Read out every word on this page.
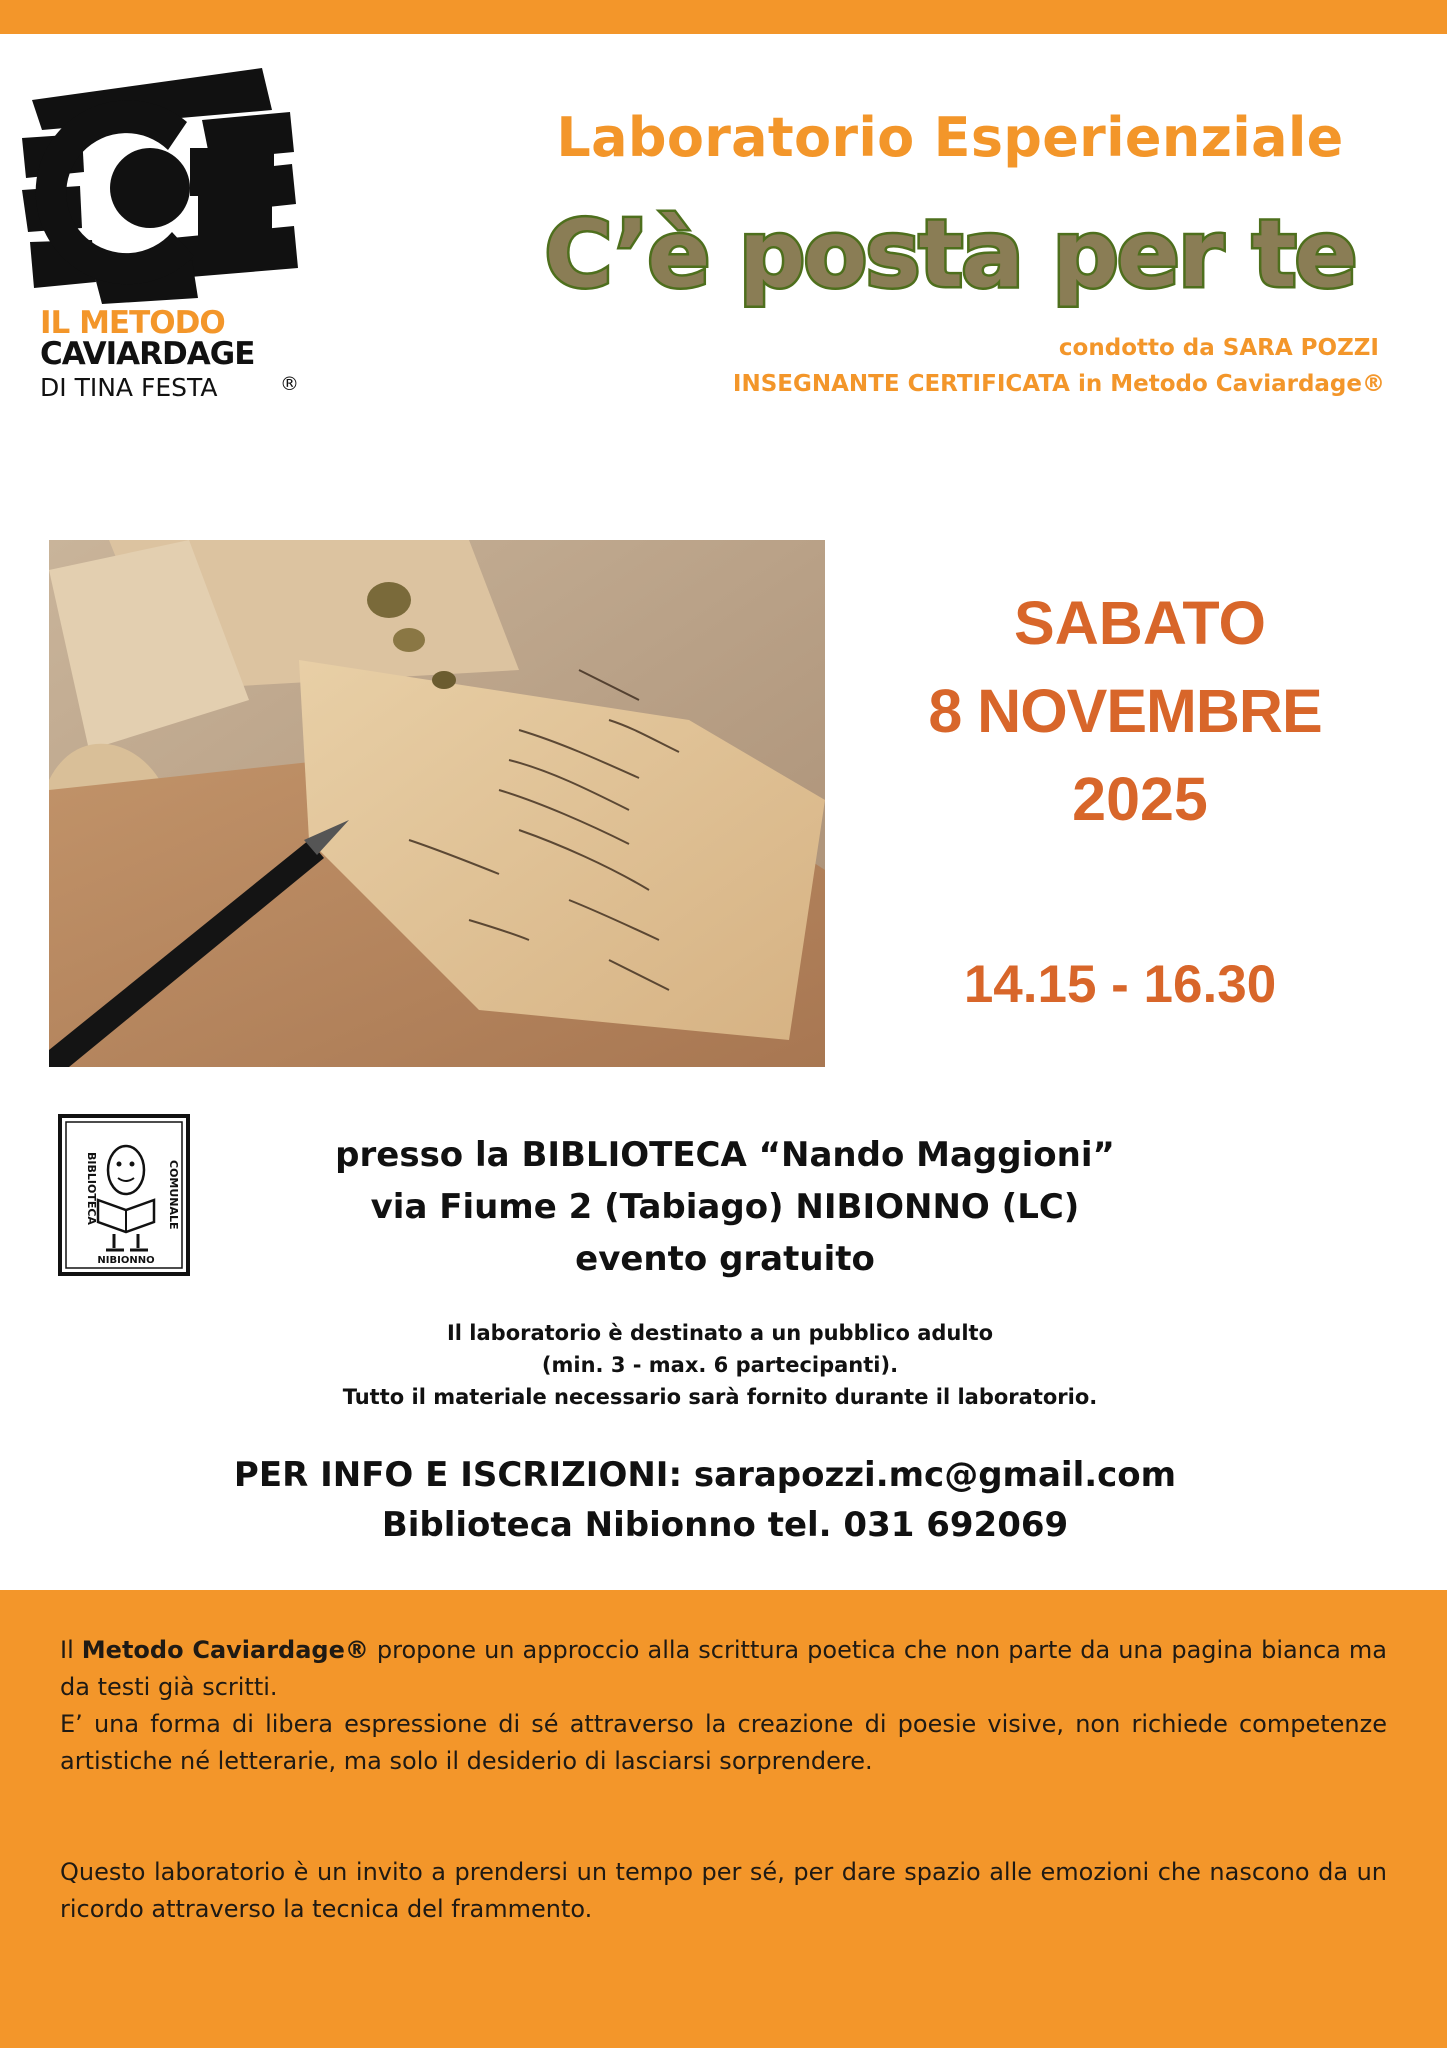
IL METODO
CAVIARDAGE
DI TINA FESTA	®
Laboratorio Esperienziale
C’è posta per te
condotto da SARA POZZI
INSEGNANTE CERTIFICATA in Metodo Caviardage®
SABATO
8 NOVEMBRE
2025
14.15 - 16.30
BIBLIOTECA	COMUNALE
NIBIONNO
presso la BIBLIOTECA “Nando Maggioni”
via Fiume 2 (Tabiago) NIBIONNO (LC)
evento gratuito
Il laboratorio è destinato a un pubblico adulto
(min. 3 - max. 6 partecipanti).
Tutto il materiale necessario sarà fornito durante il laboratorio.
PER INFO E ISCRIZIONI: sarapozzi.mc@gmail.com
Biblioteca Nibionno tel. 031 692069

Il Metodo Caviardage® propone un approccio alla scrittura poetica che non parte da una pagina bianca ma da testi già scritti.

E’ una forma di libera espressione di sé attraverso la creazione di poesie visive, non richiede competenze artistiche né letterarie, ma solo il desiderio di lasciarsi sorprendere.

Questo laboratorio è un invito a prendersi un tempo per sé, per dare spazio alle emozioni che nascono da un ricordo attraverso la tecnica del frammento.
